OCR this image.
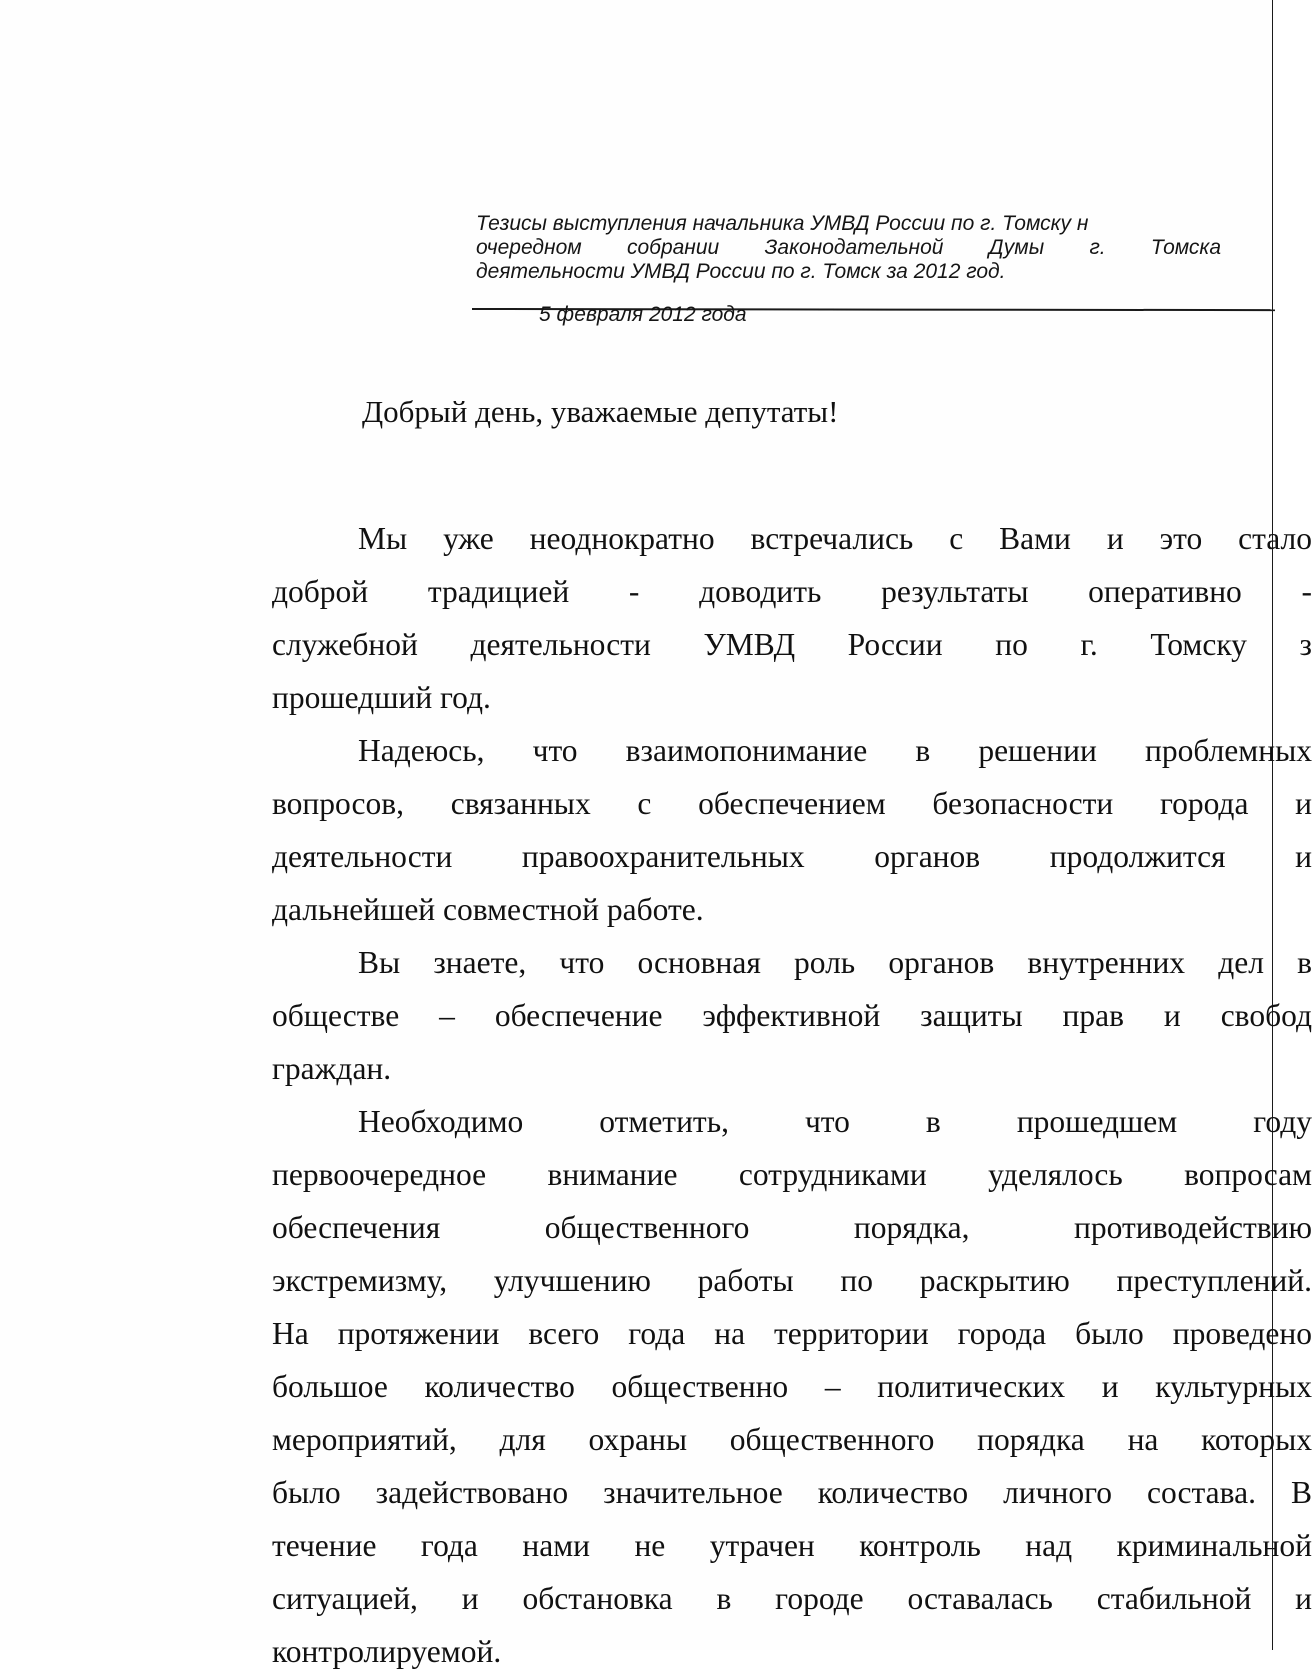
Тезисы выступления начальника УМВД России по г. Томску н
очередном собрании Законодательной Думы г. Томска
деятельности УМВД России по г. Томск за 2012 год.
5 февраля 2012 года
Добрый день, уважаемые депутаты!
Мы уже неоднократно встречались с Вами и это стало
доброй традицией - доводить результаты оперативно -
служебной деятельности УМВД России по г. Томску з
прошедший год.
Надеюсь, что взаимопонимание в решении проблемных
вопросов, связанных с обеспечением безопасности города и
деятельности правоохранительных органов продолжится и
дальнейшей совместной работе.
Вы знаете, что основная роль органов внутренних дел в
обществе – обеспечение эффективной защиты прав и свобод
граждан.
Необходимо отметить, что в прошедшем году
первоочередное внимание сотрудниками уделялось вопросам
обеспечения общественного порядка, противодействию
экстремизму, улучшению работы по раскрытию преступлений.
На протяжении всего года на территории города было проведено
большое количество общественно – политических и культурных
мероприятий, для охраны общественного порядка на которых
было задействовано значительное количество личного состава. В
течение года нами не утрачен контроль над криминальной
ситуацией, и обстановка в городе оставалась стабильной и
контролируемой.
